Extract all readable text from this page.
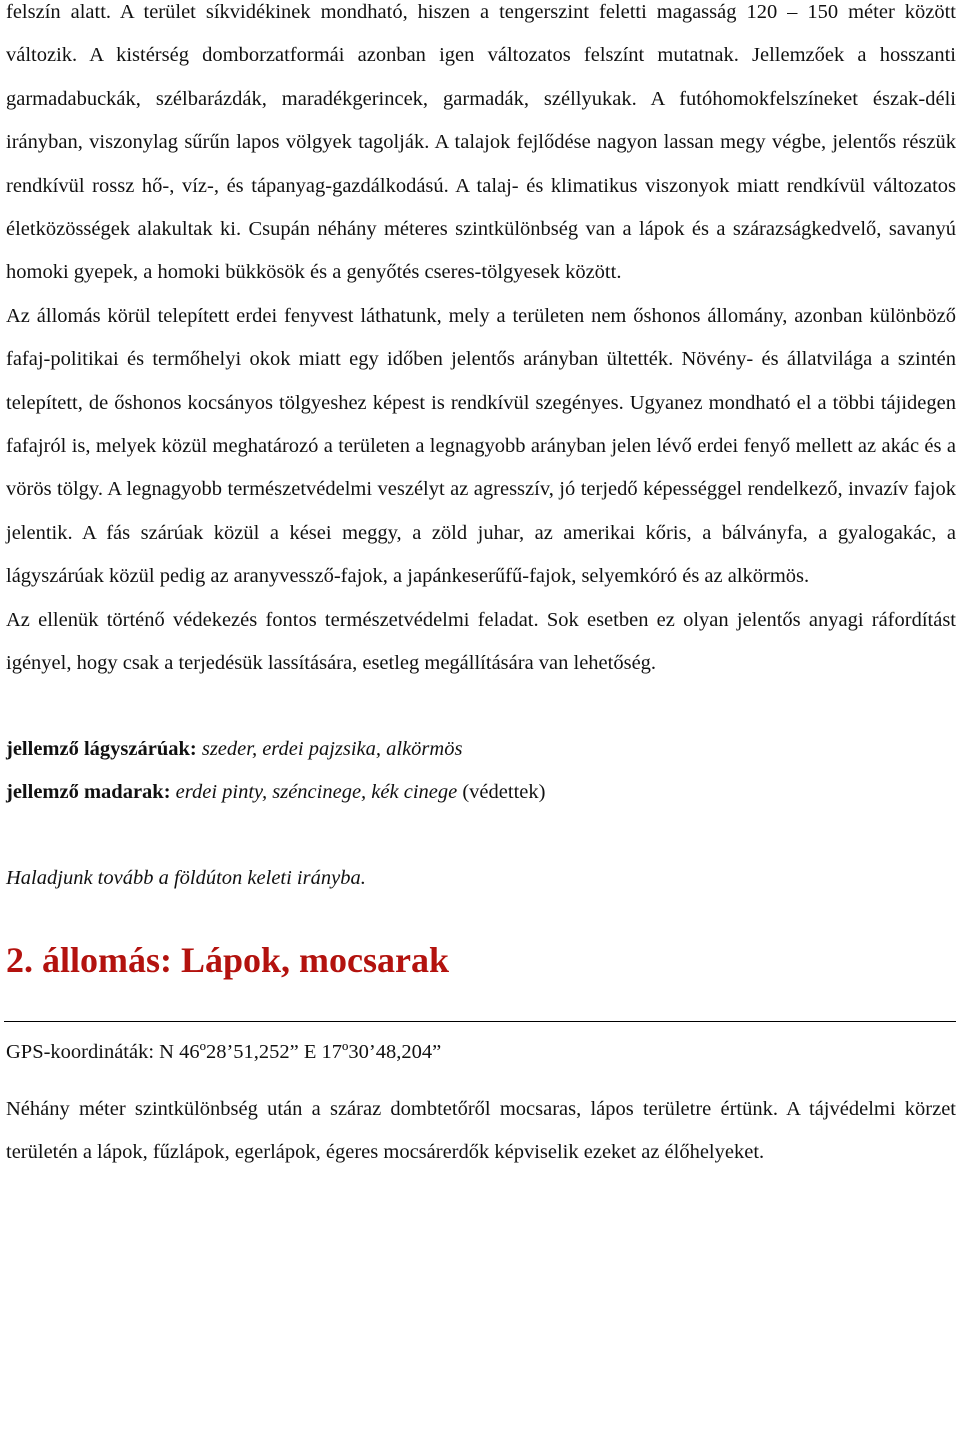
felszín alatt. A terület síkvidékinek mondható, hiszen a tengerszint feletti magasság 120 – 150 méter között változik. A kistérség domborzatformái azonban igen változatos felszínt mutatnak. Jellemzőek a hosszanti garmadabuckák, szélbarázdák, maradékgerincek, garmadák, széllyukak. A futóhomokfelszíneket észak-déli irányban, viszonylag sűrűn lapos völgyek tagolják. A talajok fejlődése nagyon lassan megy végbe, jelentős részük rendkívül rossz hő-, víz-, és tápanyag-gazdálkodású. A talaj- és klimatikus viszonyok miatt rendkívül változatos életközösségek alakultak ki. Csupán néhány méteres szintkülönbség van a lápok és a szárazságkedvelő, savanyú homoki gyepek, a homoki bükkösök és a genyőtés cseres-tölgyesek között.

Az állomás körül telepített erdei fenyvest láthatunk, mely a területen nem őshonos állomány, azonban különböző fafaj-politikai és termőhelyi okok miatt egy időben jelentős arányban ültették. Növény- és állatvilága a szintén telepített, de őshonos kocsányos tölgyeshez képest is rendkívül szegényes. Ugyanez mondható el a többi tájidegen fafajról is, melyek közül meghatározó a területen a legnagyobb arányban jelen lévő erdei fenyő mellett az akác és a vörös tölgy. A legnagyobb természetvédelmi veszélyt az agresszív, jó terjedő képességgel rendelkező, invazív fajok jelentik. A fás szárúak közül a kései meggy, a zöld juhar, az amerikai kőris, a bálványfa, a gyalogakác, a lágyszárúak közül pedig az aranyvessző-fajok, a japánkeserűfű-fajok, selyemkóró és az alkörmös.

Az ellenük történő védekezés fontos természetvédelmi feladat. Sok esetben ez olyan jelentős anyagi ráfordítást igényel, hogy csak a terjedésük lassítására, esetleg megállítására van lehetőség.

jellemző lágyszárúak: szeder, erdei pajzsika, alkörmös

jellemző madarak: erdei pinty, széncinege, kék cinege (védettek)

Haladjunk tovább a földúton keleti irányba.

2. állomás: Lápok, mocsarak

GPS-koordináták: N 46º28’51,252” E 17º30’48,204”

Néhány méter szintkülönbség után a száraz dombtetőről mocsaras, lápos területre értünk. A tájvédelmi körzet területén a lápok, fűzlápok, egerlápok, égeres mocsárerdők képviselik ezeket az élőhelyeket.
